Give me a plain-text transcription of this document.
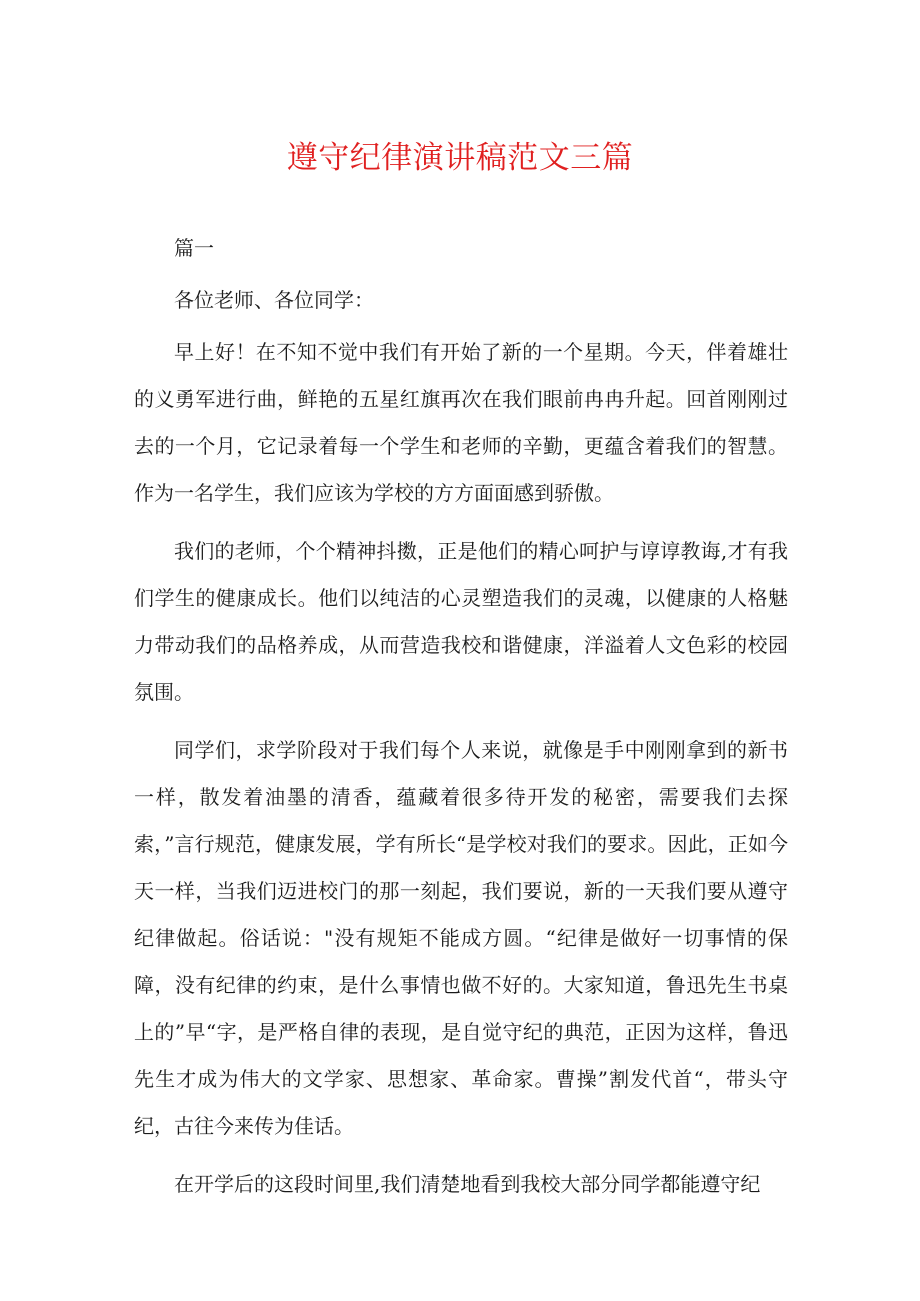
遵守纪律演讲稿范文三篇

篇一

各位老师、各位同学：

早上好！在不知不觉中我们有开始了新的一个星期。今天，伴着雄壮的义勇军进行曲，鲜艳的五星红旗再次在我们眼前冉冉升起。回首刚刚过去的一个月，它记录着每一个学生和老师的辛勤，更蕴含着我们的智慧。作为一名学生，我们应该为学校的方方面面感到骄傲。

我们的老师，个个精神抖擞，正是他们的精心呵护与谆谆教诲,才有我们学生的健康成长。他们以纯洁的心灵塑造我们的灵魂，以健康的人格魅力带动我们的品格养成，从而营造我校和谐健康，洋溢着人文色彩的校园氛围。

同学们，求学阶段对于我们每个人来说，就像是手中刚刚拿到的新书一样，散发着油墨的清香，蕴藏着很多待开发的秘密，需要我们去探索，”言行规范，健康发展，学有所长“是学校对我们的要求。因此，正如今天一样，当我们迈进校门的那一刻起，我们要说，新的一天我们要从遵守纪律做起。俗话说："没有规矩不能成方圆。“纪律是做好一切事情的保障，没有纪律的约束，是什么事情也做不好的。大家知道，鲁迅先生书桌上的”早“字，是严格自律的表现，是自觉守纪的典范，正因为这样，鲁迅先生才成为伟大的文学家、思想家、革命家。曹操”割发代首“，带头守纪，古往今来传为佳话。

在开学后的这段时间里,我们清楚地看到我校大部分同学都能遵守纪
